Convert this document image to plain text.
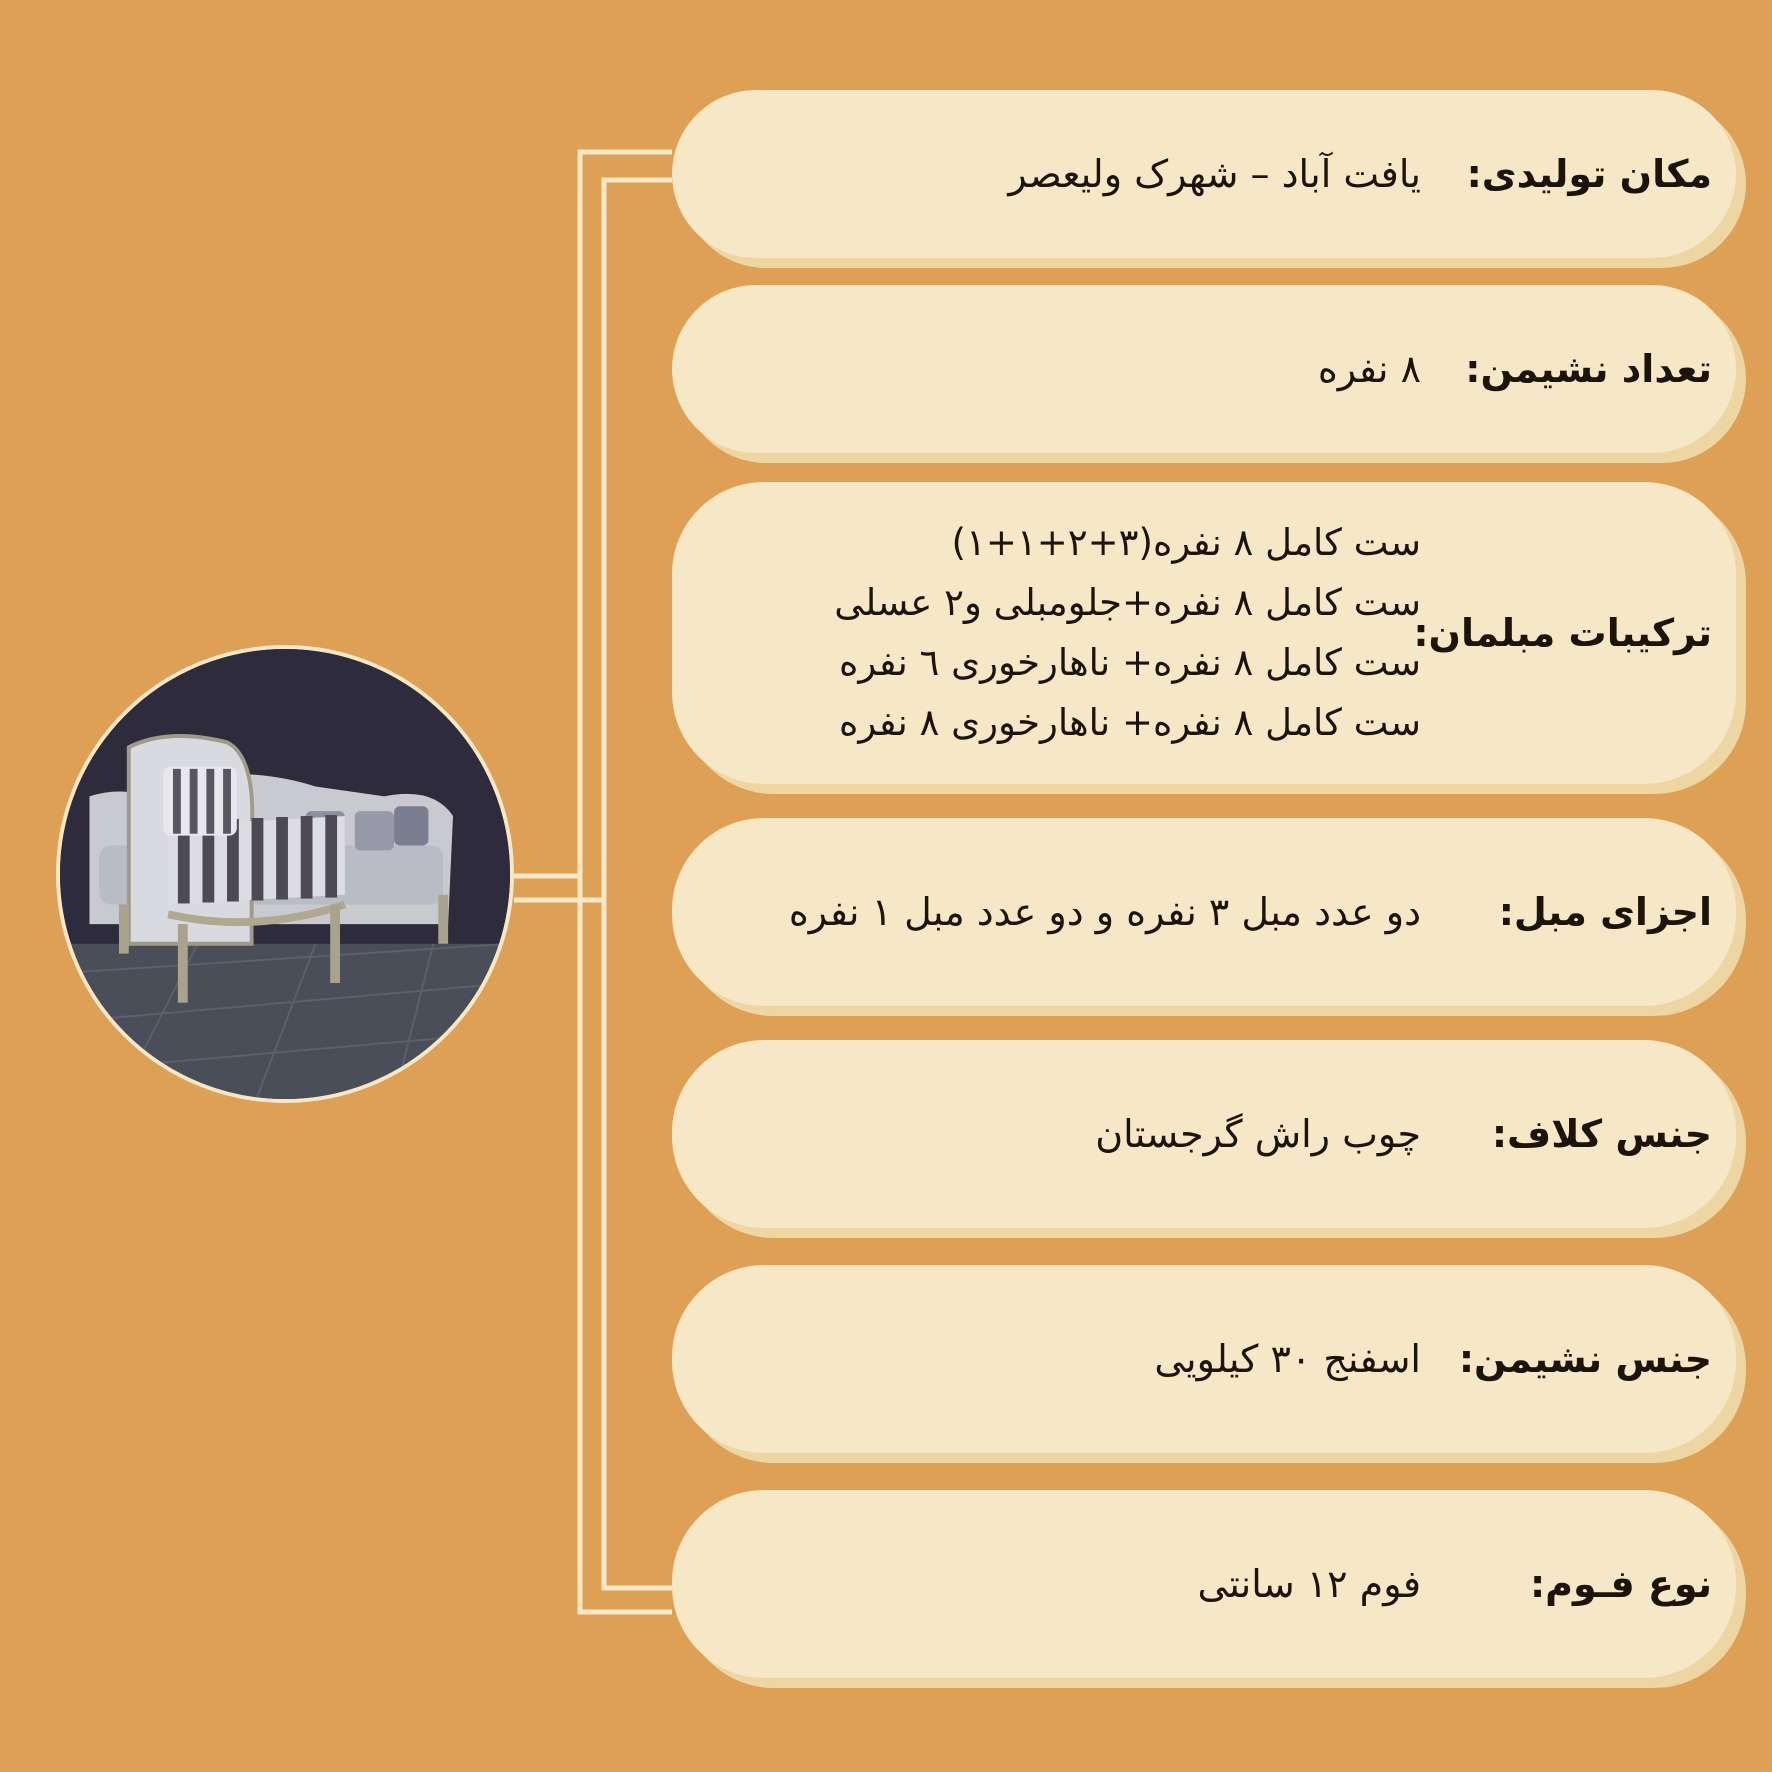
مکان تولیدی:
یافت آباد – شهرک ولیعصر
تعداد نشیمن:
۸ نفره
ترکیبات مبلمان:
ست کامل ۸ نفره(۳+۲+۱+۱)
ست کامل ۸ نفره+جلومبلی و۲ عسلی
ست کامل ۸ نفره+ ناهارخوری ٦ نفره
ست کامل ۸ نفره+ ناهارخوری ۸ نفره
اجزای مبل:
دو عدد مبل ۳ نفره و دو عدد مبل ۱ نفره
جنس کلاف:
چوب راش گرجستان
جنس نشیمن:
اسفنج ۳۰ کیلویی
نوع فـوم:
فوم ۱۲ سانتی
